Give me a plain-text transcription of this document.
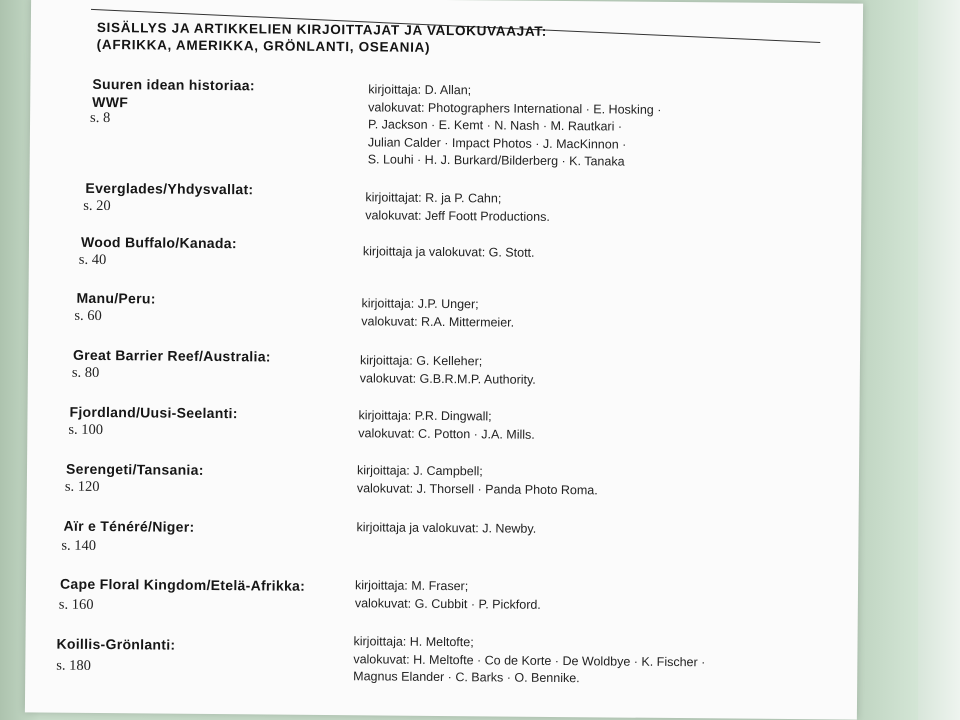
SISÄLLYS JA ARTIKKELIEN KIRJOITTAJAT JA VALOKUVAAJAT:
(AFRIKKA, AMERIKKA, GRÖNLANTI, OSEANIA)
Suuren idean historiaa:
WWF
s. 8
kirjoittaja: D. Allan;
valokuvat: Photographers International · E. Hosking ·
P. Jackson · E. Kemt · N. Nash · M. Rautkari ·
Julian Calder · Impact Photos · J. MacKinnon ·
S. Louhi · H. J. Burkard/Bilderberg · K. Tanaka
Everglades/Yhdysvallat:
s. 20	kirjoittajat: R. ja P. Cahn;
valokuvat: Jeff Foott Productions.
Wood Buffalo/Kanada:
s. 40	kirjoittaja ja valokuvat: G. Stott.
Manu/Peru:
s. 60
kirjoittaja: J.P. Unger;
valokuvat: R.A. Mittermeier.
Great Barrier Reef/Australia:
s. 80
kirjoittaja: G. Kelleher;
valokuvat: G.B.R.M.P. Authority.
Fjordland/Uusi-Seelanti:
s. 100
kirjoittaja: P.R. Dingwall;
valokuvat: C. Potton · J.A. Mills.
Serengeti/Tansania:
s. 120
kirjoittaja: J. Campbell;
valokuvat: J. Thorsell · Panda Photo Roma.
Aïr e Ténéré/Niger:
s. 140
kirjoittaja ja valokuvat: J. Newby.
Cape Floral Kingdom/Etelä-Afrikka:
s. 160
kirjoittaja: M. Fraser;
valokuvat: G. Cubbit · P. Pickford.
Koillis-Grönlanti:
s. 180
kirjoittaja: H. Meltofte;
valokuvat: H. Meltofte · Co de Korte · De Woldbye · K. Fischer ·
Magnus Elander · C. Barks · O. Bennike.
